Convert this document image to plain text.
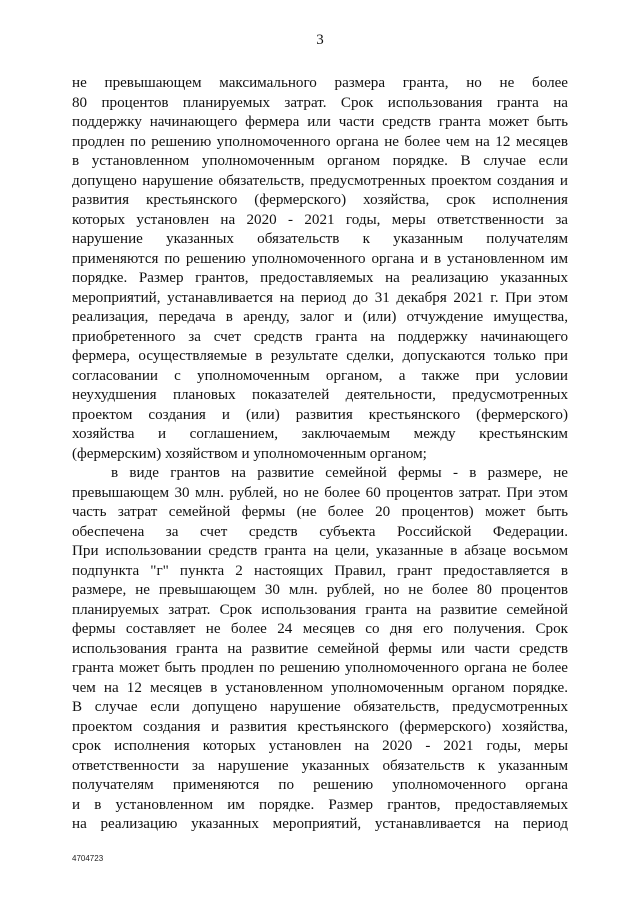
3
не превышающем максимального размера гранта, но не более
80 процентов планируемых затрат. Срок использования гранта на
поддержку начинающего фермера или части средств гранта может быть
продлен по решению уполномоченного органа не более чем на 12 месяцев
в установленном уполномоченным органом порядке. В случае если
допущено нарушение обязательств, предусмотренных проектом создания и
развития крестьянского (фермерского) хозяйства, срок исполнения
которых установлен на 2020 - 2021 годы, меры ответственности за
нарушение указанных обязательств к указанным получателям
применяются по решению уполномоченного органа и в установленном им
порядке. Размер грантов, предоставляемых на реализацию указанных
мероприятий, устанавливается на период до 31 декабря 2021 г. При этом
реализация, передача в аренду, залог и (или) отчуждение имущества,
приобретенного за счет средств гранта на поддержку начинающего
фермера, осуществляемые в результате сделки, допускаются только при
согласовании с уполномоченным органом, а также при условии
неухудшения плановых показателей деятельности, предусмотренных
проектом создания и (или) развития крестьянского (фермерского)
хозяйства и соглашением, заключаемым между крестьянским
(фермерским) хозяйством и уполномоченным органом;
в виде грантов на развитие семейной фермы - в размере, не
превышающем 30 млн. рублей, но не более 60 процентов затрат. При этом
часть затрат семейной фермы (не более 20 процентов) может быть
обеспечена за счет средств субъекта Российской Федерации.
При использовании средств гранта на цели, указанные в абзаце восьмом
подпункта "г" пункта 2 настоящих Правил, грант предоставляется в
размере, не превышающем 30 млн. рублей, но не более 80 процентов
планируемых затрат. Срок использования гранта на развитие семейной
фермы составляет не более 24 месяцев со дня его получения. Срок
использования гранта на развитие семейной фермы или части средств
гранта может быть продлен по решению уполномоченного органа не более
чем на 12 месяцев в установленном уполномоченным органом порядке.
В случае если допущено нарушение обязательств, предусмотренных
проектом создания и развития крестьянского (фермерского) хозяйства,
срок исполнения которых установлен на 2020 - 2021 годы, меры
ответственности за нарушение указанных обязательств к указанным
получателям применяются по решению уполномоченного органа
и в установленном им порядке. Размер грантов, предоставляемых
на реализацию указанных мероприятий, устанавливается на период
4704723
